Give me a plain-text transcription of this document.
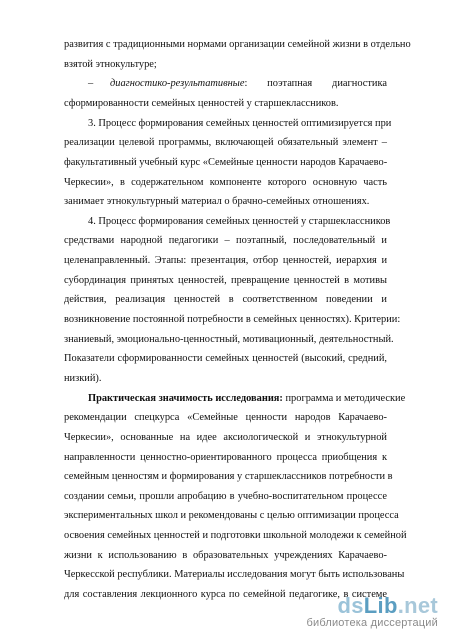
развития с традиционными нормами организации семейной жизни в отдельно
взятой этнокультуре;
– диагностико-результативные: поэтапная диагностика
сформированности семейных ценностей у старшеклассников.
3. Процесс формирования семейных ценностей оптимизируется при
реализации целевой программы, включающей обязательный элемент –
факультативный учебный курс «Семейные ценности народов Карачаево-
Черкесии», в содержательном компоненте которого основную часть
занимает этнокультурный материал о брачно-семейных отношениях.
4. Процесс формирования семейных ценностей у старшеклассников
средствами народной педагогики – поэтапный, последовательный и
целенаправленный. Этапы: презентация, отбор ценностей, иерархия и
субординация принятых ценностей, превращение ценностей в мотивы
действия, реализация ценностей в соответственном поведении и
возникновение постоянной потребности в семейных ценностях). Критерии:
знаниевый, эмоционально-ценностный, мотивационный, деятельностный.
Показатели сформированности семейных ценностей (высокий, средний,
низкий).
Практическая значимость исследования: программа и методические
рекомендации спецкурса «Семейные ценности народов Карачаево-
Черкесии», основанные на идее аксиологической и этнокультурной
направленности ценностно-ориентированного процесса приобщения к
семейным ценностям и формирования у старшеклассников потребности в
создании семьи, прошли апробацию в учебно-воспитательном процессе
экспериментальных школ и рекомендованы с целью оптимизации процесса
освоения семейных ценностей и подготовки школьной молодежи к семейной
жизни к использованию в образовательных учреждениях Карачаево-
Черкесской республики. Материалы исследования могут быть использованы
для составления лекционного курса по семейной педагогике, в системе
dsLib.net
библиотека диссертаций
